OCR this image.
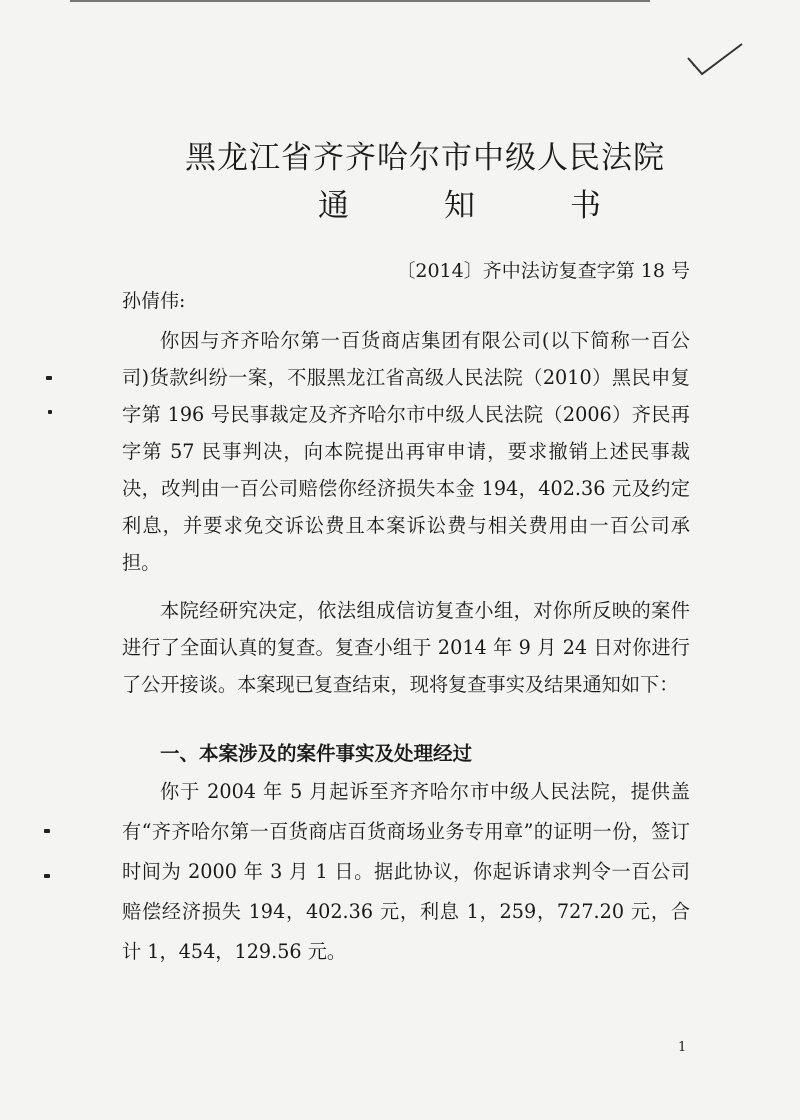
黑龙江省齐齐哈尔市中级人民法院
通　知　书
〔2014〕齐中法访复查字第 18 号
孙倩伟:
你因与齐齐哈尔第一百货商店集团有限公司(以下简称一百公司)货款纠纷一案，不服黑龙江省高级人民法院（2010）黑民申复字第 196 号民事裁定及齐齐哈尔市中级人民法院（2006）齐民再字第 57 民事判决，向本院提出再审申请，要求撤销上述民事裁决，改判由一百公司赔偿你经济损失本金 194，402.36 元及约定利息，并要求免交诉讼费且本案诉讼费与相关费用由一百公司承担。
本院经研究决定，依法组成信访复查小组，对你所反映的案件进行了全面认真的复查。复查小组于 2014 年 9 月 24 日对你进行了公开接谈。本案现已复查结束，现将复查事实及结果通知如下：
一、本案涉及的案件事实及处理经过
你于 2004 年 5 月起诉至齐齐哈尔市中级人民法院，提供盖有“齐齐哈尔第一百货商店百货商场业务专用章”的证明一份，签订时间为 2000 年 3 月 1 日。据此协议，你起诉请求判令一百公司赔偿经济损失 194，402.36 元，利息 1，259，727.20 元，合计 1，454，129.56 元。
1
